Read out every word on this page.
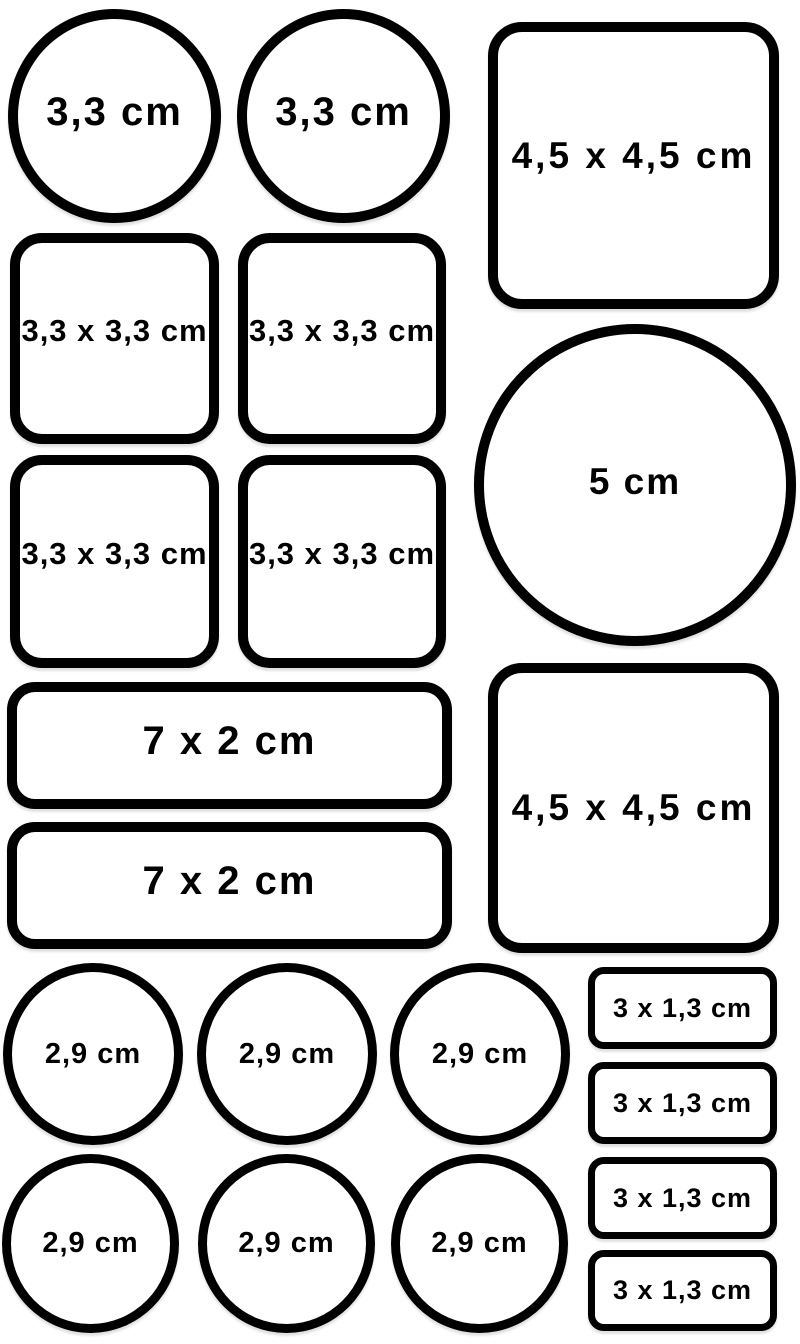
3,3 cm 3,3 cm
3,3 x 3,3 cm 3,3 x 3,3 cm
3,3 x 3,3 cm 3,3 x 3,3 cm
7 x 2 cm
7 x 2 cm
4,5 x 4,5 cm
5 cm
4,5 x 4,5 cm
2,9 cm	2,9 cm	2,9 cm
2,9 cm	2,9 cm	2,9 cm
3 x 1,3 cm
3 x 1,3 cm
3 x 1,3 cm
3 x 1,3 cm
